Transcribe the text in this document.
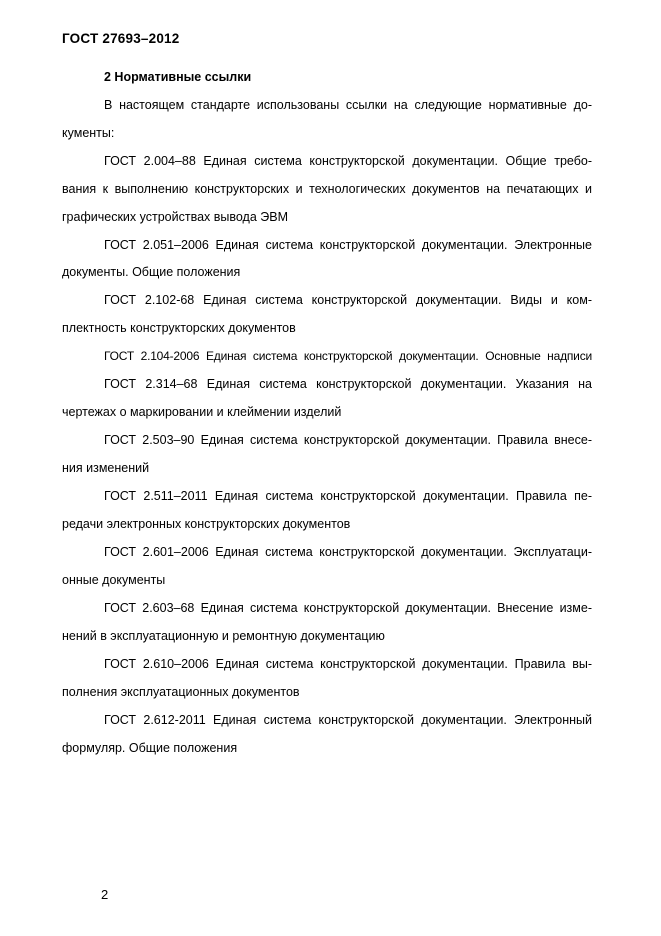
ГОСТ 27693–2012
2 Нормативные ссылки
В настоящем стандарте использованы ссылки на следующие нормативные до-
кументы:
ГОСТ 2.004–88 Единая система конструкторской документации. Общие требо-
вания к выполнению конструкторских и технологических документов на печатающих и
графических устройствах вывода ЭВМ
ГОСТ 2.051–2006 Единая система конструкторской документации. Электронные
документы. Общие положения
ГОСТ 2.102-68 Единая система конструкторской документации. Виды и ком-
плектность конструкторских документов
ГОСТ 2.104-2006 Единая система конструкторской документации. Основные надписи
ГОСТ 2.314–68 Единая система конструкторской документации. Указания на
чертежах о маркировании и клеймении изделий
ГОСТ 2.503–90 Единая система конструкторской документации. Правила внесе-
ния изменений
ГОСТ 2.511–2011 Единая система конструкторской документации. Правила пе-
редачи электронных конструкторских документов
ГОСТ 2.601–2006 Единая система конструкторской документации. Эксплуатаци-
онные документы
ГОСТ 2.603–68 Единая система конструкторской документации. Внесение изме-
нений в эксплуатационную и ремонтную документацию
ГОСТ 2.610–2006 Единая система конструкторской документации. Правила вы-
полнения эксплуатационных документов
ГОСТ 2.612-2011 Единая система конструкторской документации. Электронный
формуляр. Общие положения
2
